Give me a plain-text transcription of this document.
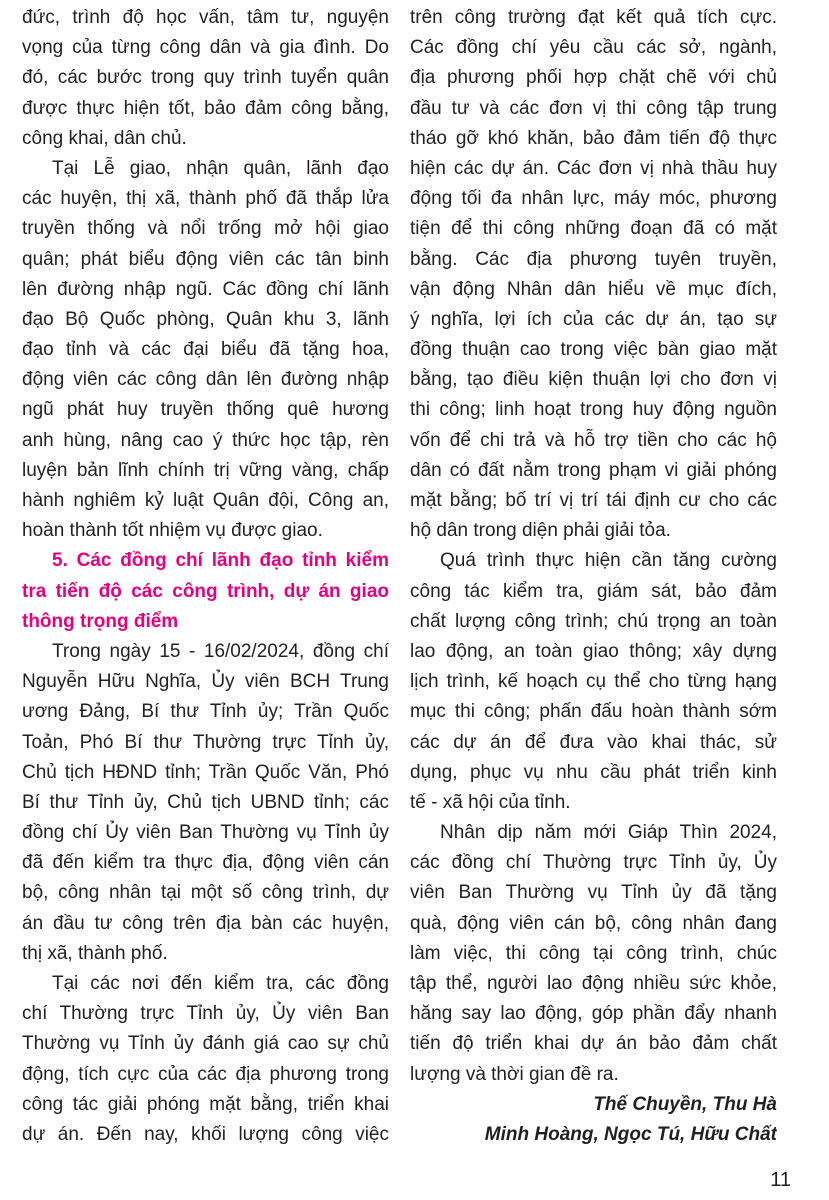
đức, trình độ học vấn, tâm tư, nguyện
vọng của từng công dân và gia đình. Do
đó, các bước trong quy trình tuyển quân
được thực hiện tốt, bảo đảm công bằng,
công khai, dân chủ.
Tại Lễ giao, nhận quân, lãnh đạo
các huyện, thị xã, thành phố đã thắp lửa
truyền thống và nổi trống mở hội giao
quân; phát biểu động viên các tân binh
lên đường nhập ngũ. Các đồng chí lãnh
đạo Bộ Quốc phòng, Quân khu 3, lãnh
đạo tỉnh và các đại biểu đã tặng hoa,
động viên các công dân lên đường nhập
ngũ phát huy truyền thống quê hương
anh hùng, nâng cao ý thức học tập, rèn
luyện bản lĩnh chính trị vững vàng, chấp
hành nghiêm kỷ luật Quân đội, Công an,
hoàn thành tốt nhiệm vụ được giao.
5. Các đồng chí lãnh đạo tỉnh kiểm
tra tiến độ các công trình, dự án giao
thông trọng điểm
Trong ngày 15 - 16/02/2024, đồng chí
Nguyễn Hữu Nghĩa, Ủy viên BCH Trung
ương Đảng, Bí thư Tỉnh ủy; Trần Quốc
Toản, Phó Bí thư Thường trực Tỉnh ủy,
Chủ tịch HĐND tỉnh; Trần Quốc Văn, Phó
Bí thư Tỉnh ủy, Chủ tịch UBND tỉnh; các
đồng chí Ủy viên Ban Thường vụ Tỉnh ủy
đã đến kiểm tra thực địa, động viên cán
bộ, công nhân tại một số công trình, dự
án đầu tư công trên địa bàn các huyện,
thị xã, thành phố.
Tại các nơi đến kiểm tra, các đồng
chí Thường trực Tỉnh ủy, Ủy viên Ban
Thường vụ Tỉnh ủy đánh giá cao sự chủ
động, tích cực của các địa phương trong
công tác giải phóng mặt bằng, triển khai
dự án. Đến nay, khối lượng công việc
trên công trường đạt kết quả tích cực.
Các đồng chí yêu cầu các sở, ngành,
địa phương phối hợp chặt chẽ với chủ
đầu tư và các đơn vị thi công tập trung
tháo gỡ khó khăn, bảo đảm tiến độ thực
hiện các dự án. Các đơn vị nhà thầu huy
động tối đa nhân lực, máy móc, phương
tiện để thi công những đoạn đã có mặt
bằng. Các địa phương tuyên truyền,
vận động Nhân dân hiểu về mục đích,
ý nghĩa, lợi ích của các dự án, tạo sự
đồng thuận cao trong việc bàn giao mặt
bằng, tạo điều kiện thuận lợi cho đơn vị
thi công; linh hoạt trong huy động nguồn
vốn để chi trả và hỗ trợ tiền cho các hộ
dân có đất nằm trong phạm vi giải phóng
mặt bằng; bố trí vị trí tái định cư cho các
hộ dân trong diện phải giải tỏa.
Quá trình thực hiện cần tăng cường
công tác kiểm tra, giám sát, bảo đảm
chất lượng công trình; chú trọng an toàn
lao động, an toàn giao thông; xây dựng
lịch trình, kế hoạch cụ thể cho từng hạng
mục thi công; phấn đấu hoàn thành sớm
các dự án để đưa vào khai thác, sử
dụng, phục vụ nhu cầu phát triển kinh
tế - xã hội của tỉnh.
Nhân dịp năm mới Giáp Thìn 2024,
các đồng chí Thường trực Tỉnh ủy, Ủy
viên Ban Thường vụ Tỉnh ủy đã tặng
quà, động viên cán bộ, công nhân đang
làm việc, thi công tại công trình, chúc
tập thể, người lao động nhiều sức khỏe,
hăng say lao động, góp phần đẩy nhanh
tiến độ triển khai dự án bảo đảm chất
lượng và thời gian đề ra.
Thế Chuyền, Thu Hà
Minh Hoàng, Ngọc Tú, Hữu Chất
11
